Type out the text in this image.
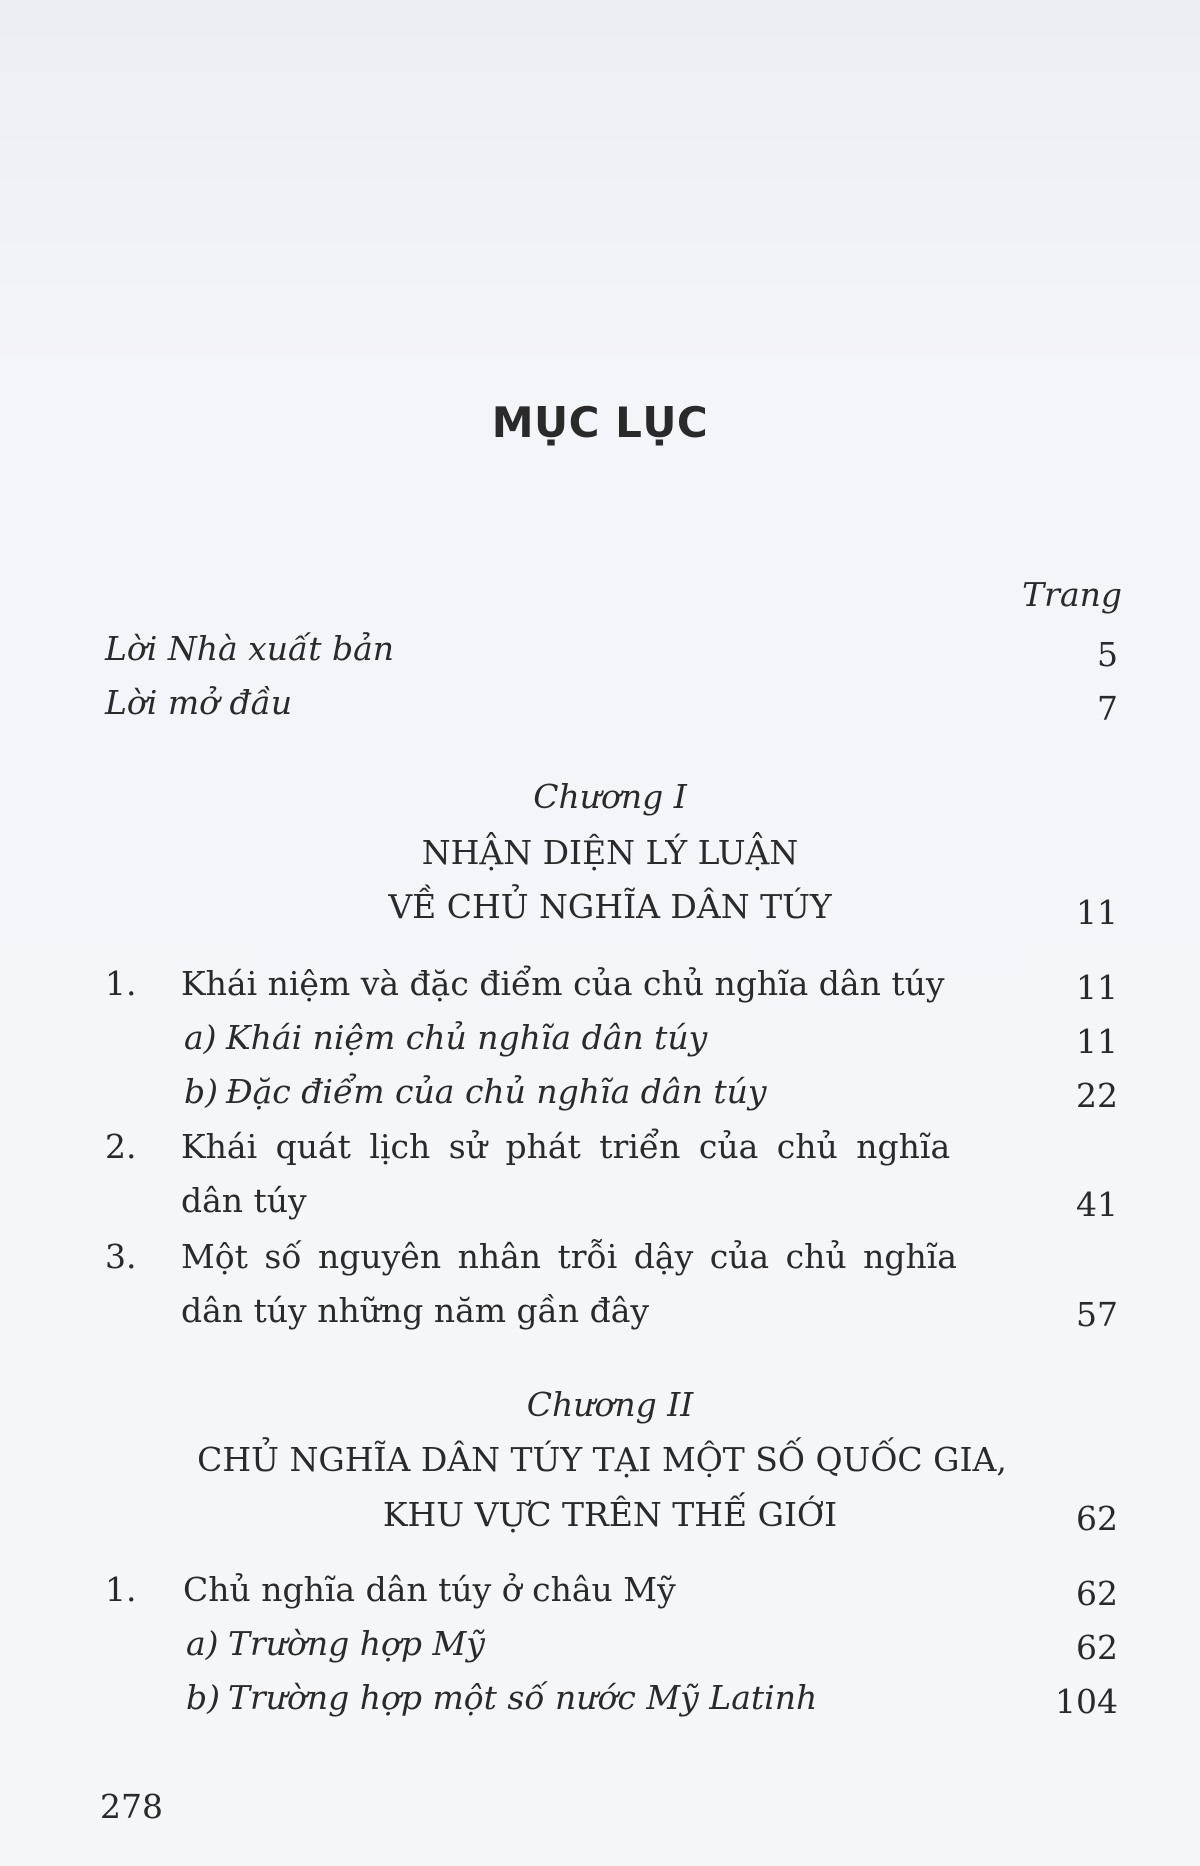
MỤC LỤC
Trang
Lời Nhà xuất bản	5
Lời mở đầu	7
Chương I
NHẬN DIỆN LÝ LUẬN
VỀ CHỦ NGHĨA DÂN TÚY	11
1. Khái niệm và đặc điểm của chủ nghĩa dân túy	11
a) Khái niệm chủ nghĩa dân túy	11
b) Đặc điểm của chủ nghĩa dân túy	22
2. Khái quát lịch sử phát triển của chủ nghĩa
dân túy	41
3. Một số nguyên nhân trỗi dậy của chủ nghĩa
dân túy những năm gần đây	57
Chương II
CHỦ NGHĨA DÂN TÚY TẠI MỘT SỐ QUỐC GIA,
KHU VỰC TRÊN THẾ GIỚI	62
1. Chủ nghĩa dân túy ở châu Mỹ	62
a) Trường hợp Mỹ	62
b) Trường hợp một số nước Mỹ Latinh	104
278
